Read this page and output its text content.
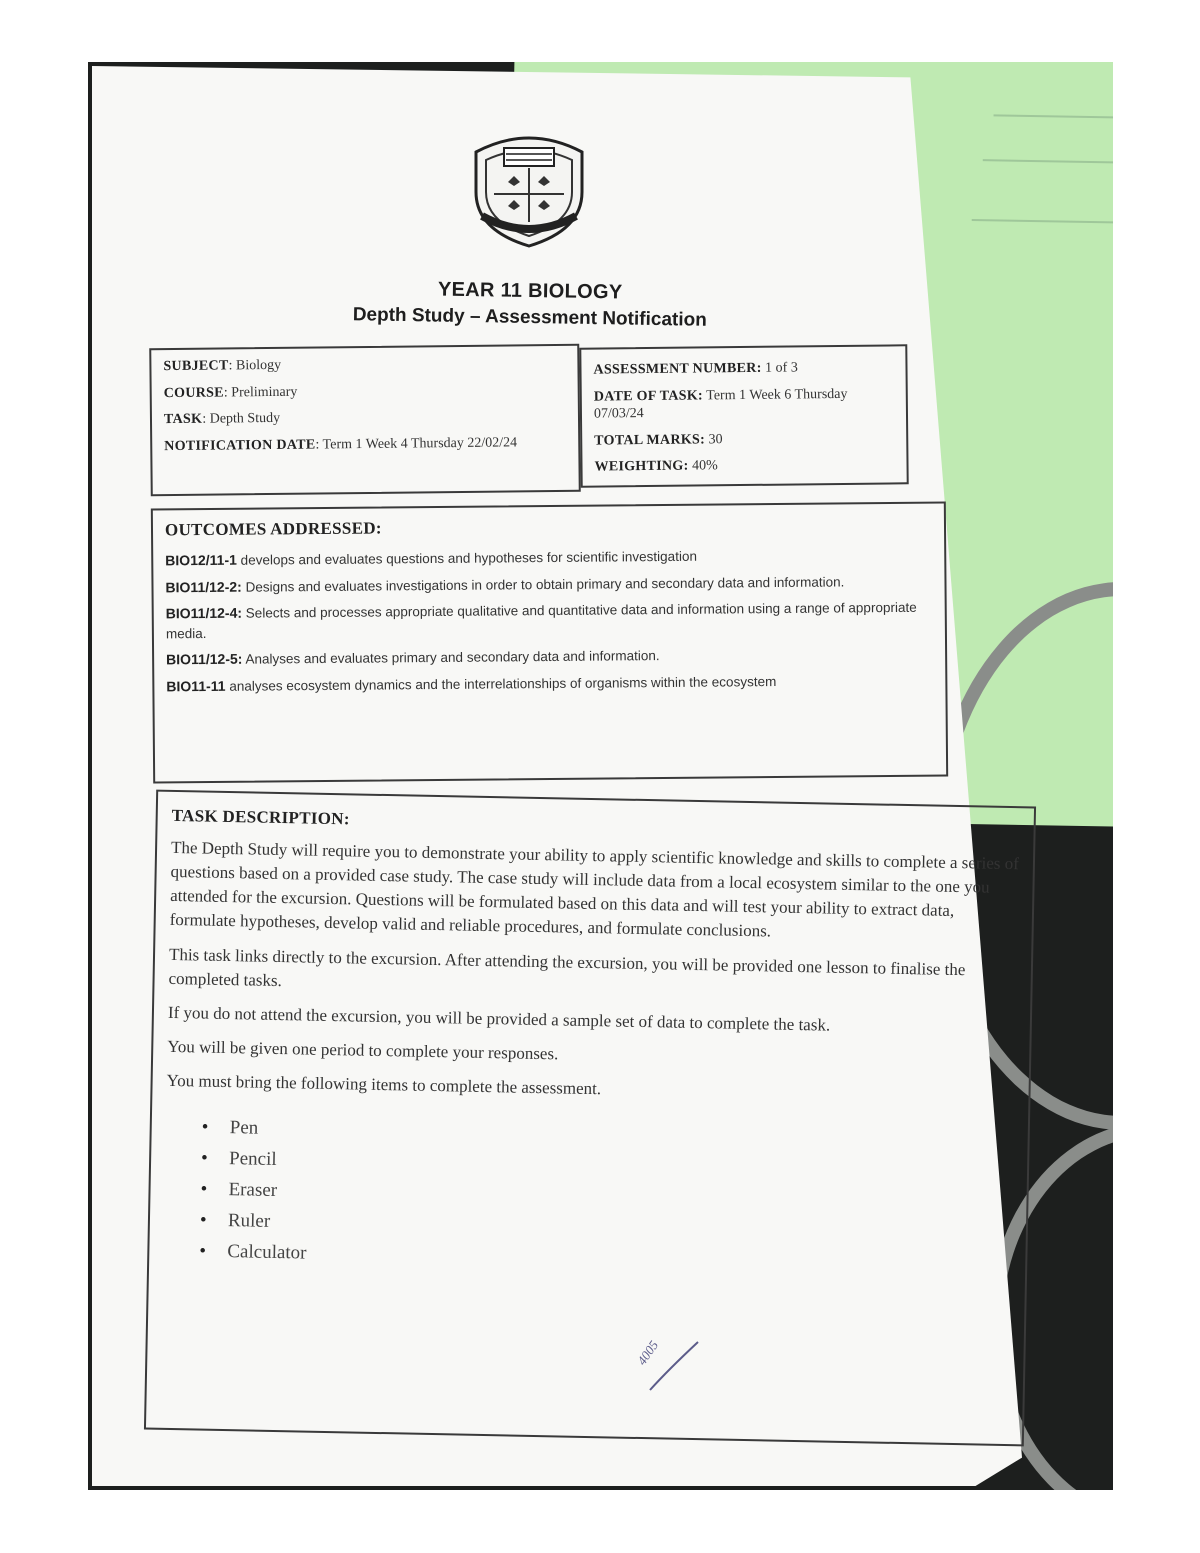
YEAR 11 BIOLOGY
Depth Study – Assessment Notification

SUBJECT: Biology

COURSE: Preliminary

TASK: Depth Study

NOTIFICATION DATE: Term 1 Week 4 Thursday 22/02/24

ASSESSMENT NUMBER: 1 of 3

DATE OF TASK: Term 1 Week 6 Thursday 07/03/24

TOTAL MARKS: 30

WEIGHTING: 40%

OUTCOMES ADDRESSED:

BIO12/11-1 develops and evaluates questions and hypotheses for scientific investigation

BIO11/12-2: Designs and evaluates investigations in order to obtain primary and secondary data and information.

BIO11/12-4: Selects and processes appropriate qualitative and quantitative data and information using a range of appropriate media.

BIO11/12-5: Analyses and evaluates primary and secondary data and information.

BIO11-11 analyses ecosystem dynamics and the interrelationships of organisms within the ecosystem

TASK DESCRIPTION:

The Depth Study will require you to demonstrate your ability to apply scientific knowledge and skills to complete a series of questions based on a provided case study. The case study will include data from a local ecosystem similar to the one you attended for the excursion. Questions will be formulated based on this data and will test your ability to extract data, formulate hypotheses, develop valid and reliable procedures, and formulate conclusions.

This task links directly to the excursion. After attending the excursion, you will be provided one lesson to finalise the completed tasks.

If you do not attend the excursion, you will be provided a sample set of data to complete the task.

You will be given one period to complete your responses.

You must bring the following items to complete the assessment.

• Pen
• Pencil
• Eraser
• Ruler
• Calculator
4005
